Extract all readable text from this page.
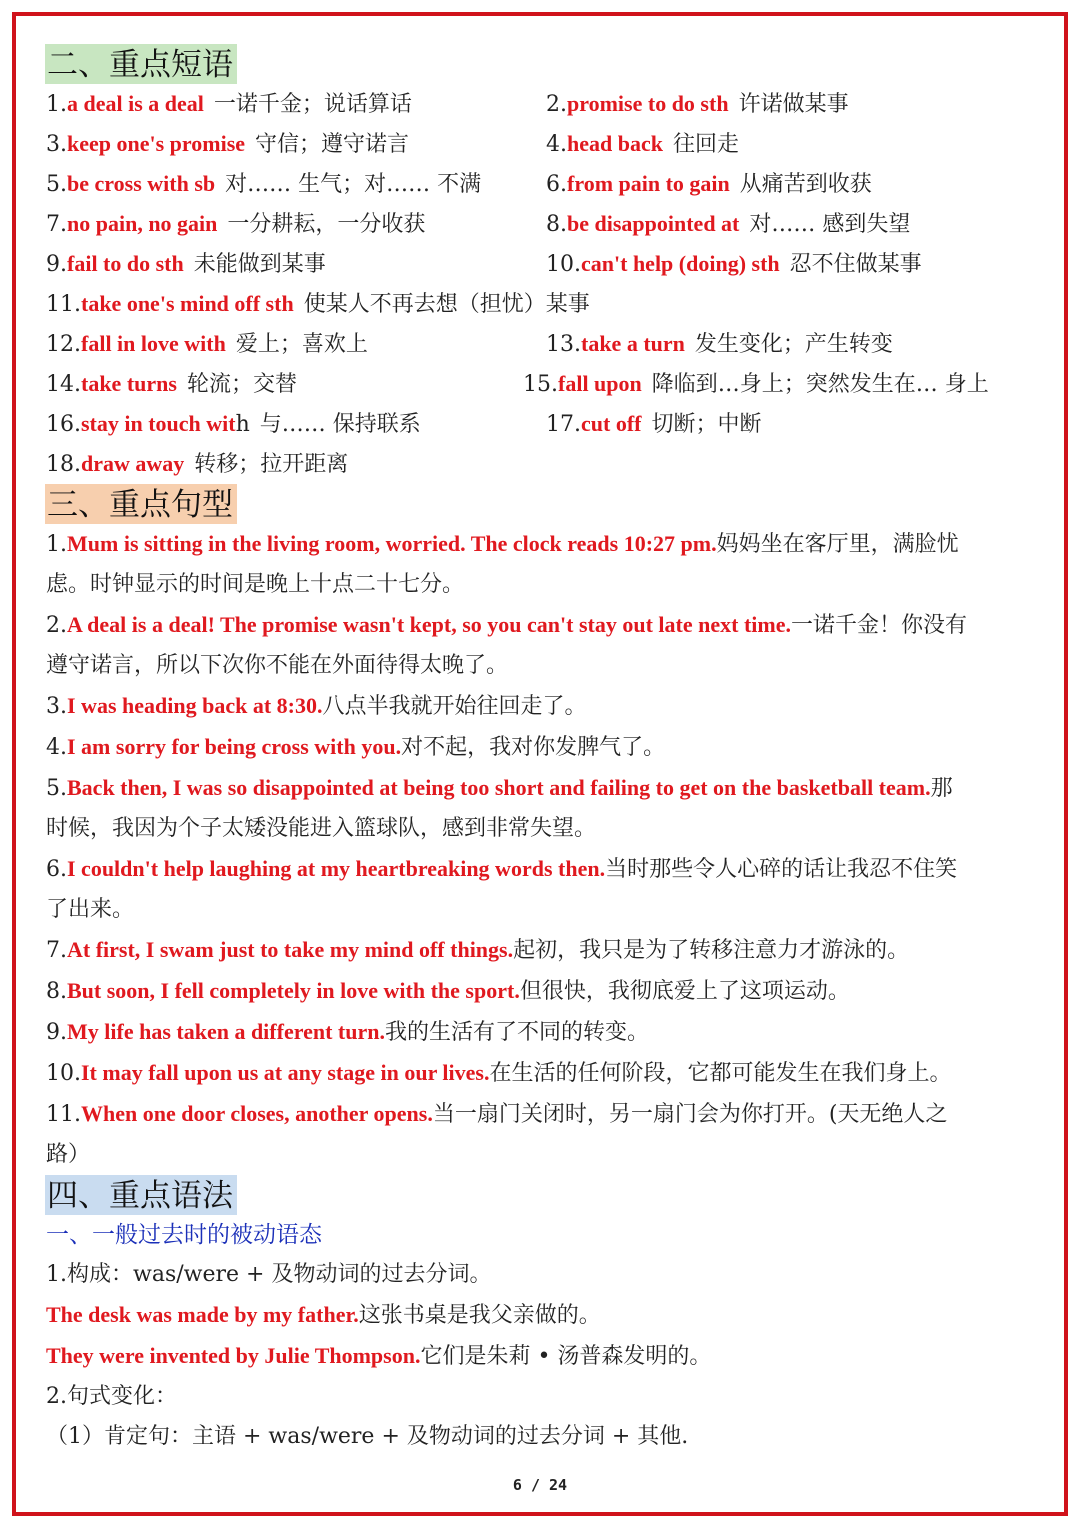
二、重点短语
1.a deal is a deal 一诺千金；说话算话	2.promise to do sth 许诺做某事
3.keep one's promise 守信；遵守诺言	4.head back 往回走
5.be cross with sb 对…… 生气；对…… 不满	6.from pain to gain 从痛苦到收获
7.no pain, no gain 一分耕耘，一分收获	8.be disappointed at 对…… 感到失望
9.fail to do sth 未能做到某事	10.can't help (doing) sth 忍不住做某事
11.take one's mind off sth 使某人不再去想（担忧）某事
12.fall in love with 爱上；喜欢上	13.take a turn 发生变化；产生转变
14.take turns 轮流；交替	15.fall upon 降临到…身上；突然发生在… 身上
16.stay in touch with 与…… 保持联系	17.cut off 切断；中断
18.draw away 转移；拉开距离
三、重点句型
1.Mum is sitting in the living room, worried. The clock reads 10:27 pm.妈妈坐在客厅里，满脸忧
虑。时钟显示的时间是晚上十点二十七分。
2.A deal is a deal! The promise wasn't kept, so you can't stay out late next time.一诺千金！你没有
遵守诺言，所以下次你不能在外面待得太晚了。
3.I was heading back at 8:30.八点半我就开始往回走了。
4.I am sorry for being cross with you.对不起，我对你发脾气了。
5.Back then, I was so disappointed at being too short and failing to get on the basketball team.那
时候，我因为个子太矮没能进入篮球队，感到非常失望。
6.I couldn't help laughing at my heartbreaking words then.当时那些令人心碎的话让我忍不住笑
了出来。
7.At first, I swam just to take my mind off things.起初，我只是为了转移注意力才游泳的。
8.But soon, I fell completely in love with the sport.但很快，我彻底爱上了这项运动。
9.My life has taken a different turn.我的生活有了不同的转变。
10.It may fall upon us at any stage in our lives.在生活的任何阶段，它都可能发生在我们身上。
11.When one door closes, another opens.当一扇门关闭时，另一扇门会为你打开。(天无绝人之
路）
四、重点语法
一、一般过去时的被动语态
1.构成：was/were + 及物动词的过去分词。
The desk was made by my father.这张书桌是我父亲做的。
They were invented by Julie Thompson.它们是朱莉 • 汤普森发明的。
2.句式变化：
（1）肯定句：主语 + was/were + 及物动词的过去分词 + 其他.
6 / 24
